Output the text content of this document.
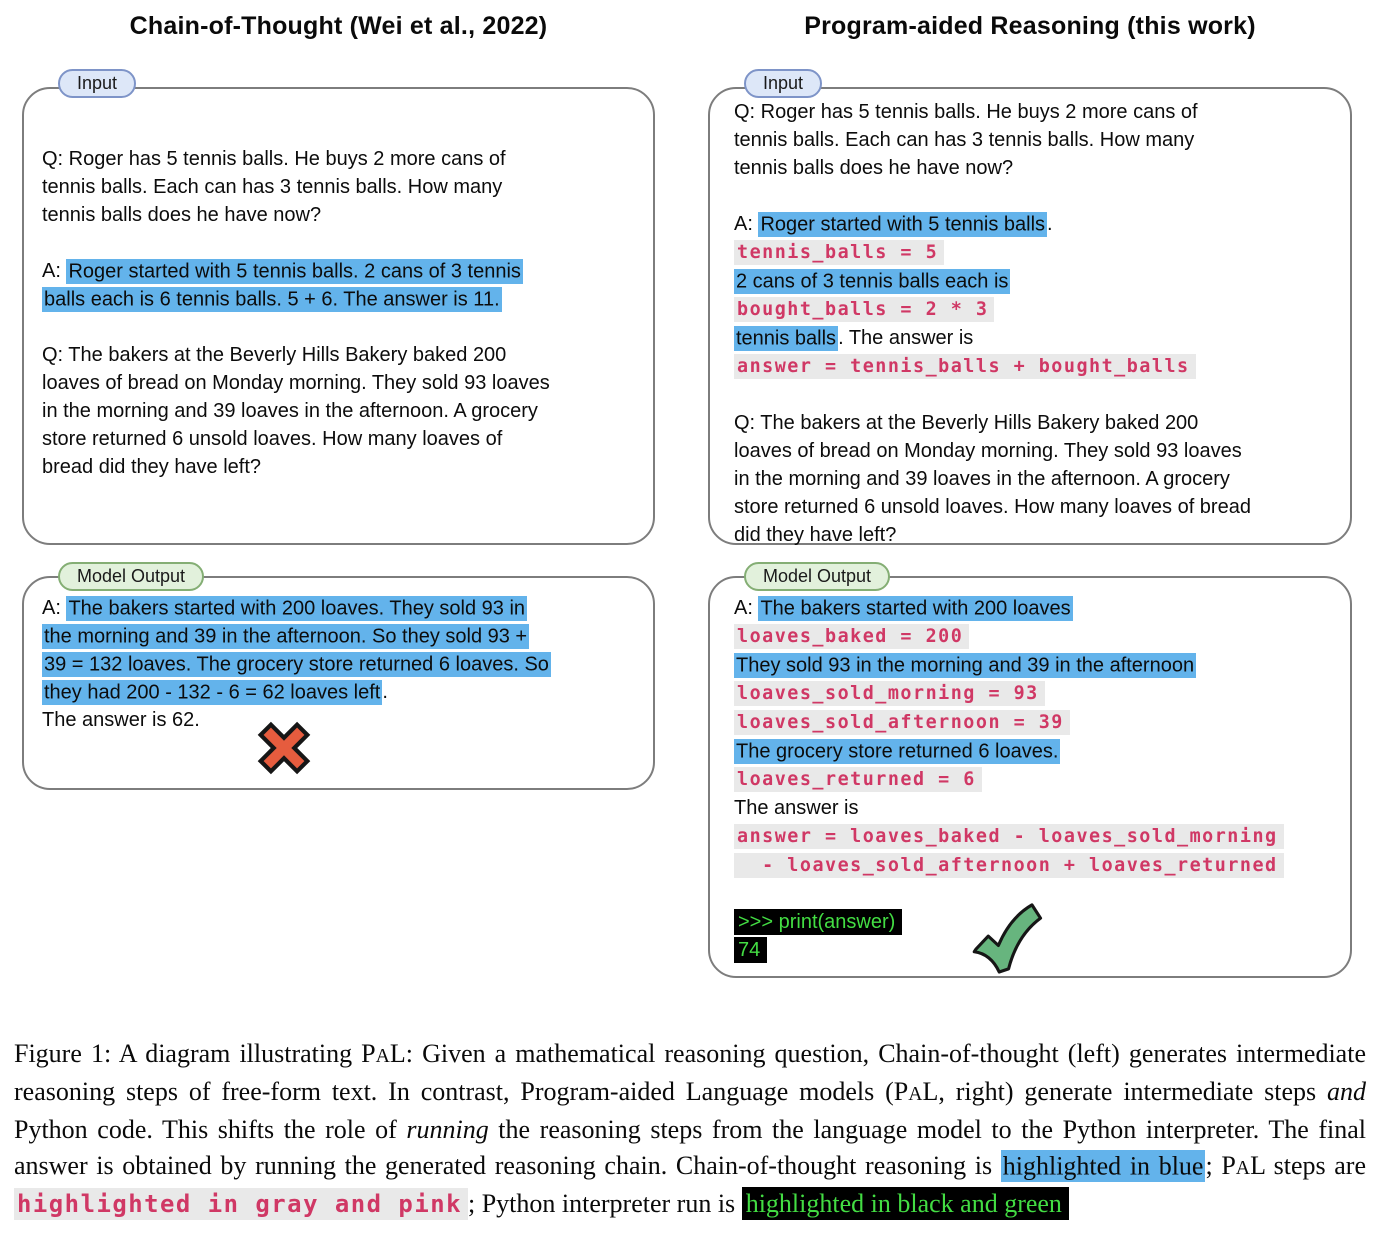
Chain-of-Thought (Wei et al., 2022)	Program-aided Reasoning (this work)
Input
Q: Roger has 5 tennis balls. He buys 2 more cans of
tennis balls. Each can has 3 tennis balls. How many
tennis balls does he have now?
A: Roger started with 5 tennis balls. 2 cans of 3 tennis
balls each is 6 tennis balls. 5 + 6. The answer is 11.
Q: The bakers at the Beverly Hills Bakery baked 200
loaves of bread on Monday morning. They sold 93 loaves
in the morning and 39 loaves in the afternoon. A grocery
store returned 6 unsold loaves. How many loaves of
bread did they have left?
Model Output
A: The bakers started with 200 loaves. They sold 93 in
the morning and 39 in the afternoon. So they sold 93 +
39 = 132 loaves. The grocery store returned 6 loaves. So
they had 200 - 132 - 6 = 62 loaves left .
The answer is 62.
Input
Q: Roger has 5 tennis balls. He buys 2 more cans of
tennis balls. Each can has 3 tennis balls. How many
tennis balls does he have now?
A: Roger started with 5 tennis balls .
tennis_balls = 5
2 cans of 3 tennis balls each is
bought_balls = 2 * 3
tennis balls . The answer is
answer = tennis_balls + bought_balls
Q: The bakers at the Beverly Hills Bakery baked 200
loaves of bread on Monday morning. They sold 93 loaves
in the morning and 39 loaves in the afternoon. A grocery
store returned 6 unsold loaves. How many loaves of bread
did they have left?
Model Output
A: The bakers started with 200 loaves
loaves_baked = 200
They sold 93 in the morning and 39 in the afternoon
loaves_sold_morning = 93
loaves_sold_afternoon = 39
The grocery store returned 6 loaves.
loaves_returned = 6
The answer is
answer = loaves_baked - loaves_sold_morning
- loaves_sold_afternoon + loaves_returned
>>> print(answer)
74
Figure 1: A diagram illustrating PAL: Given a mathematical reasoning question, Chain-of-thought (left) generates intermediate reasoning steps of free-form text. In contrast, Program-aided Language models (PAL, right) generate intermediate steps and Python code. This shifts the role of running the reasoning steps from the language model to the Python interpreter. The final answer is obtained by running the generated reasoning chain. Chain-of-thought reasoning is highlighted in blue; PAL steps are highlighted in gray and pink ; Python interpreter run is highlighted in black and green
